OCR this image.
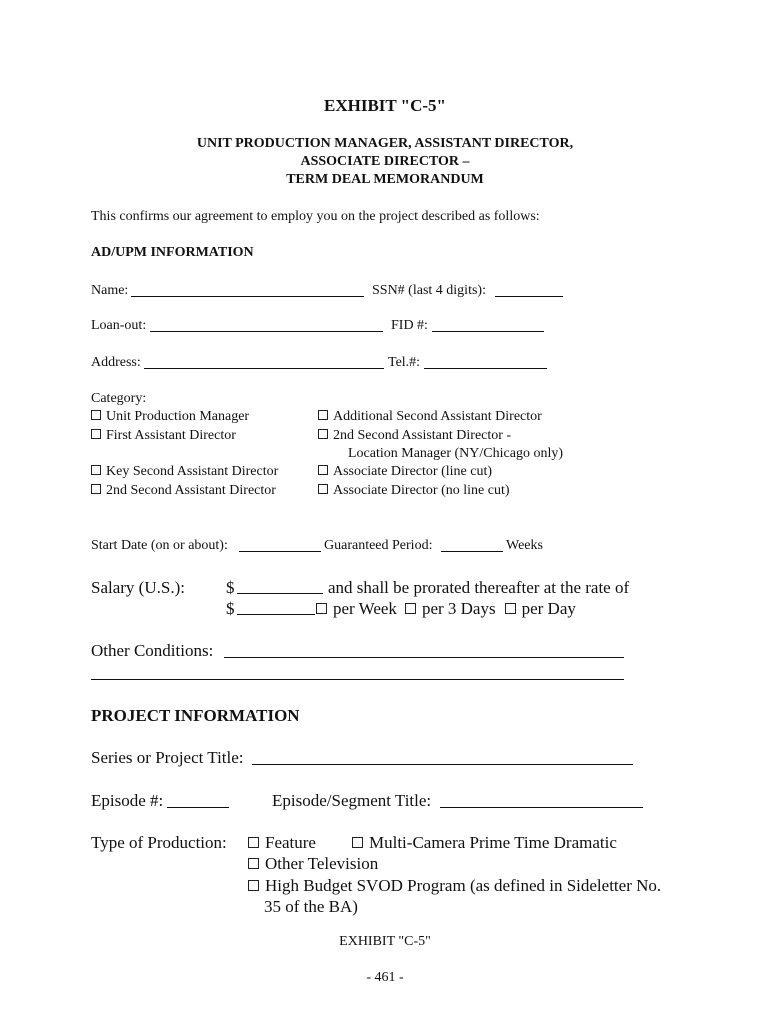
EXHIBIT "C-5"
UNIT PRODUCTION MANAGER, ASSISTANT DIRECTOR,
ASSOCIATE DIRECTOR –
TERM DEAL MEMORANDUM
This confirms our agreement to employ you on the project described as follows:
AD/UPM INFORMATION
Name:	SSN# (last 4 digits):
Loan-out:	FID #:
Address:	Tel.#:
Category:
Unit Production Manager
First Assistant Director
Key Second Assistant Director
2nd Second Assistant Director
Additional Second Assistant Director
2nd Second Assistant Director -
Location Manager (NY/Chicago only)
Associate Director (line cut)
Associate Director (no line cut)
Start Date (on or about):	Guaranteed Period:	Weeks
Salary (U.S.): $	and shall be prorated thereafter at the rate of
$	per Week per 3 Days per Day
Other Conditions:
PROJECT INFORMATION
Series or Project Title:
Episode #:	Episode/Segment Title:
Type of Production:	Feature	Multi-Camera Prime Time Dramatic
Other Television
High Budget SVOD Program (as defined in Sideletter No.
35 of the BA)
EXHIBIT "C-5"
- 461 -
